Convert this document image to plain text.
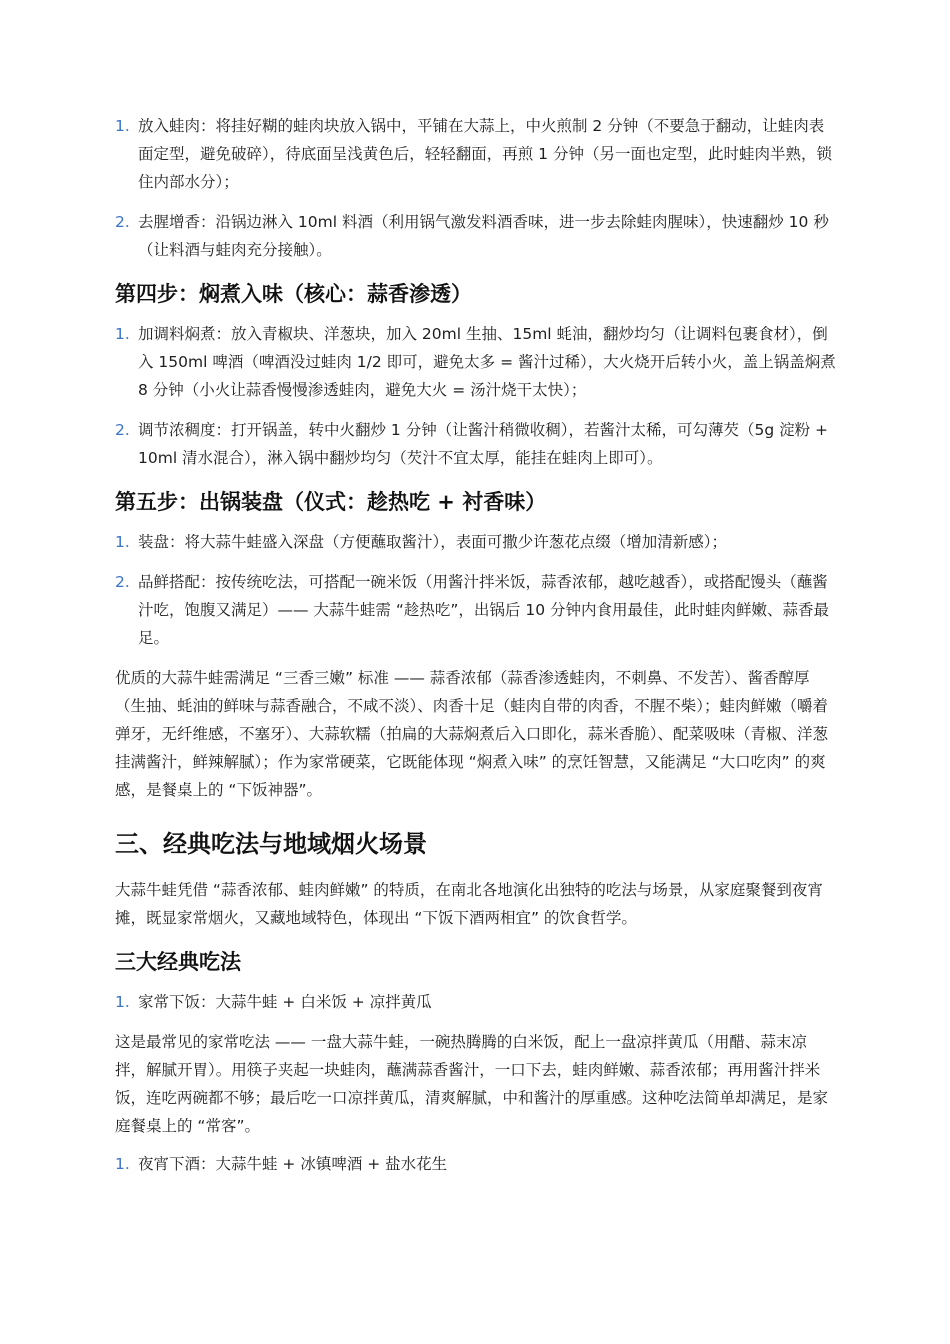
1. 放入蛙肉：将挂好糊的蛙肉块放入锅中，平铺在大蒜上，中火煎制 2 分钟（不要急于翻动，让蛙肉表面定型，避免破碎），待底面呈浅黄色后，轻轻翻面，再煎 1 分钟（另一面也定型，此时蛙肉半熟，锁住内部水分）；
2. 去腥增香：沿锅边淋入 10ml 料酒（利用锅气激发料酒香味，进一步去除蛙肉腥味），快速翻炒 10 秒（让料酒与蛙肉充分接触）。
第四步：焖煮入味（核心：蒜香渗透）
1. 加调料焖煮：放入青椒块、洋葱块，加入 20ml 生抽、15ml 蚝油，翻炒均匀（让调料包裹食材），倒入 150ml 啤酒（啤酒没过蛙肉 1/2 即可，避免太多 = 酱汁过稀），大火烧开后转小火，盖上锅盖焖煮 8 分钟（小火让蒜香慢慢渗透蛙肉，避免大火 = 汤汁烧干太快）；
2. 调节浓稠度：打开锅盖，转中火翻炒 1 分钟（让酱汁稍微收稠），若酱汁太稀，可勾薄芡（5g 淀粉 + 10ml 清水混合），淋入锅中翻炒均匀（芡汁不宜太厚，能挂在蛙肉上即可）。
第五步：出锅装盘（仪式：趁热吃 + 衬香味）
1. 装盘：将大蒜牛蛙盛入深盘（方便蘸取酱汁），表面可撒少许葱花点缀（增加清新感）；
2. 品鲜搭配：按传统吃法，可搭配一碗米饭（用酱汁拌米饭，蒜香浓郁，越吃越香），或搭配馒头（蘸酱汁吃，饱腹又满足）—— 大蒜牛蛙需 “趁热吃”，出锅后 10 分钟内食用最佳，此时蛙肉鲜嫩、蒜香最足。

优质的大蒜牛蛙需满足 “三香三嫩” 标准 —— 蒜香浓郁（蒜香渗透蛙肉，不刺鼻、不发苦）、酱香醇厚（生抽、蚝油的鲜味与蒜香融合，不咸不淡）、肉香十足（蛙肉自带的肉香，不腥不柴）；蛙肉鲜嫩（嚼着弹牙，无纤维感，不塞牙）、大蒜软糯（拍扁的大蒜焖煮后入口即化，蒜米香脆）、配菜吸味（青椒、洋葱挂满酱汁，鲜辣解腻）；作为家常硬菜，它既能体现 “焖煮入味” 的烹饪智慧，又能满足 “大口吃肉” 的爽感，是餐桌上的 “下饭神器”。

三、经典吃法与地域烟火场景

大蒜牛蛙凭借 “蒜香浓郁、蛙肉鲜嫩” 的特质，在南北各地演化出独特的吃法与场景，从家庭聚餐到夜宵摊，既显家常烟火，又藏地域特色，体现出 “下饭下酒两相宜” 的饮食哲学。

三大经典吃法
1. 家常下饭：大蒜牛蛙 + 白米饭 + 凉拌黄瓜

这是最常见的家常吃法 —— 一盘大蒜牛蛙，一碗热腾腾的白米饭，配上一盘凉拌黄瓜（用醋、蒜末凉拌，解腻开胃）。用筷子夹起一块蛙肉，蘸满蒜香酱汁，一口下去，蛙肉鲜嫩、蒜香浓郁；再用酱汁拌米饭，连吃两碗都不够；最后吃一口凉拌黄瓜，清爽解腻，中和酱汁的厚重感。这种吃法简单却满足，是家庭餐桌上的 “常客”。

1. 夜宵下酒：大蒜牛蛙 + 冰镇啤酒 + 盐水花生
